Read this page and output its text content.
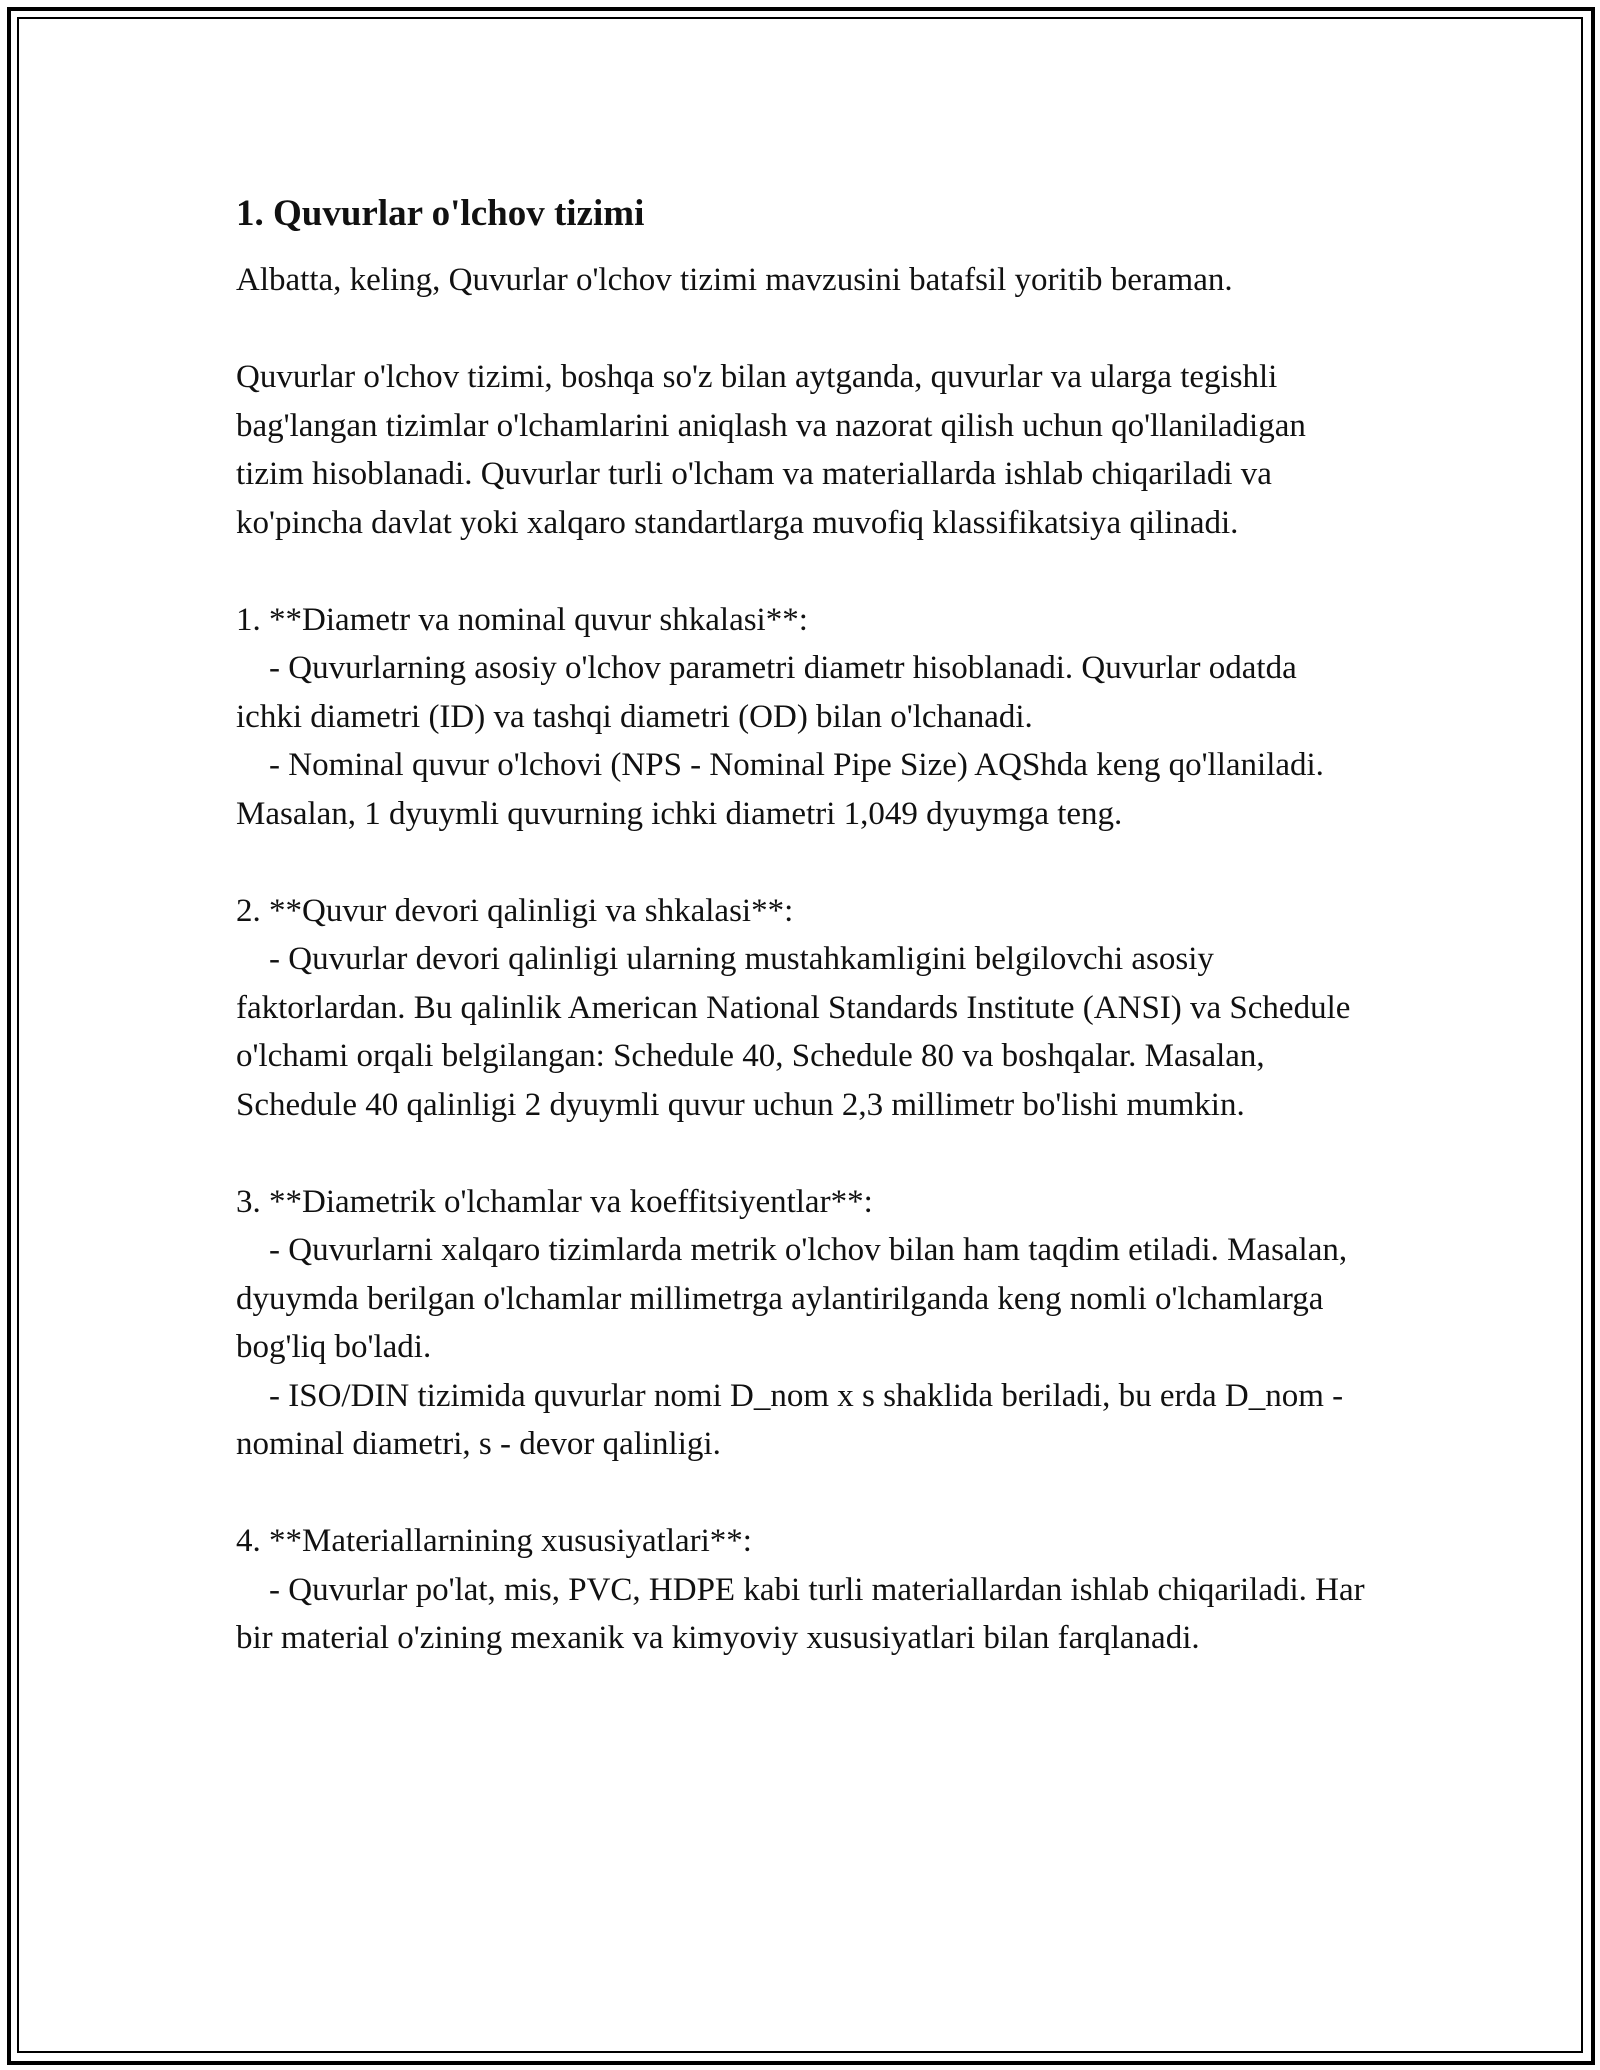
1. Quvurlar o'lchov tizimi

Albatta, keling, Quvurlar o'lchov tizimi mavzusini batafsil yoritib beraman.

Quvurlar o'lchov tizimi, boshqa so'z bilan aytganda, quvurlar va ularga tegishli bag'langan tizimlar o'lchamlarini aniqlash va nazorat qilish uchun qo'llaniladigan tizim hisoblanadi. Quvurlar turli o'lcham va materiallarda ishlab chiqariladi va ko'pincha davlat yoki xalqaro standartlarga muvofiq klassifikatsiya qilinadi.

1. **Diametr va nominal quvur shkalasi**:

- Quvurlarning asosiy o'lchov parametri diametr hisoblanadi. Quvurlar odatda ichki diametri (ID) va tashqi diametri (OD) bilan o'lchanadi.

- Nominal quvur o'lchovi (NPS - Nominal Pipe Size) AQShda keng qo'llaniladi. Masalan, 1 dyuymli quvurning ichki diametri 1,049 dyuymga teng.

2. **Quvur devori qalinligi va shkalasi**:

- Quvurlar devori qalinligi ularning mustahkamligini belgilovchi asosiy faktorlardan. Bu qalinlik American National Standards Institute (ANSI) va Schedule o'lchami orqali belgilangan: Schedule 40, Schedule 80 va boshqalar. Masalan, Schedule 40 qalinligi 2 dyuymli quvur uchun 2,3 millimetr bo'lishi mumkin.

3. **Diametrik o'lchamlar va koeffitsiyentlar**:

- Quvurlarni xalqaro tizimlarda metrik o'lchov bilan ham taqdim etiladi. Masalan, dyuymda berilgan o'lchamlar millimetrga aylantirilganda keng nomli o'lchamlarga bog'liq bo'ladi.

- ISO/DIN tizimida quvurlar nomi D_nom x s shaklida beriladi, bu erda D_nom - nominal diametri, s - devor qalinligi.

4. **Materiallarnining xususiyatlari**:

- Quvurlar po'lat, mis, PVC, HDPE kabi turli materiallardan ishlab chiqariladi. Har bir material o'zining mexanik va kimyoviy xususiyatlari bilan farqlanadi.
